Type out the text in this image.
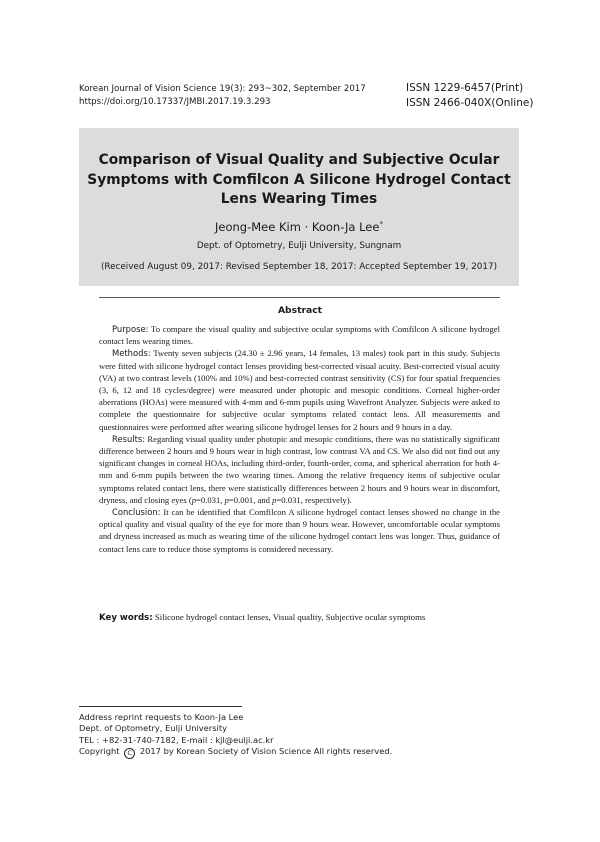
Korean Journal of Vision Science 19(3): 293~302, September 2017
https://doi.org/10.17337/JMBI.2017.19.3.293
ISSN 1229-6457(Print)
ISSN 2466-040X(Online)
Comparison of Visual Quality and Subjective Ocular
Symptoms with Comfilcon A Silicone Hydrogel Contact
Lens Wearing Times
Jeong-Mee Kim · Koon-Ja Lee*
Dept. of Optometry, Eulji University, Sungnam
(Received August 09, 2017: Revised September 18, 2017: Accepted September 19, 2017)
Abstract

Purpose: To compare the visual quality and subjective ocular symptoms with Comfilcon A silicone hydrogel contact lens wearing times.

Methods: Twenty seven subjects (24.30 ± 2.96 years, 14 females, 13 males) took part in this study. Subjects were fitted with silicone hydrogel contact lenses providing best-corrected visual acuity. Best-corrected visual acuity (VA) at two contrast levels (100% and 10%) and best-corrected contrast sensitivity (CS) for four spatial frequencies (3, 6, 12 and 18 cycles/degree) were measured under photopic and mesopic conditions. Corneal higher-order aberrations (HOAs) were measured with 4-mm and 6-mm pupils using Wavefront Analyzer. Subjects were asked to complete the questionnaire for subjective ocular symptoms related contact lens. All measurements and questionnaires were performed after wearing silicone hydrogel lenses for 2 hours and 9 hours in a day.

Results: Regarding visual quality under photopic and mesopic conditions, there was no statistically significant difference between 2 hours and 9 hours wear in high contrast, low contrast VA and CS. We also did not find out any significant changes in corneal HOAs, including third-order, fourth-order, coma, and spherical aberration for both 4-mm and 6-mm pupils between the two wearing times. Among the relative frequency items of subjective ocular symptoms related contact lens, there were statistically differences between 2 hours and 9 hours wear in discomfort, dryness, and closing eyes (p=0.031, p=0.001, and p=0.031, respectively).

Conclusion: It can be identified that Comfilcon A silicone hydrogel contact lenses showed no change in the optical quality and visual quality of the eye for more than 9 hours wear. However, uncomfortable ocular symptoms and dryness increased as much as wearing time of the silicone hydrogel contact lens was longer. Thus, guidance of contact lens care to reduce those symptoms is considered necessary.

Key words: Silicone hydrogel contact lenses, Visual quality, Subjective ocular symptoms
Address reprint requests to Koon-Ja Lee
Dept. of Optometry, Eulji University
TEL : +82-31-740-7182, E-mail : kjl@eulji.ac.kr
Copyright C 2017 by Korean Society of Vision Science All rights reserved.
